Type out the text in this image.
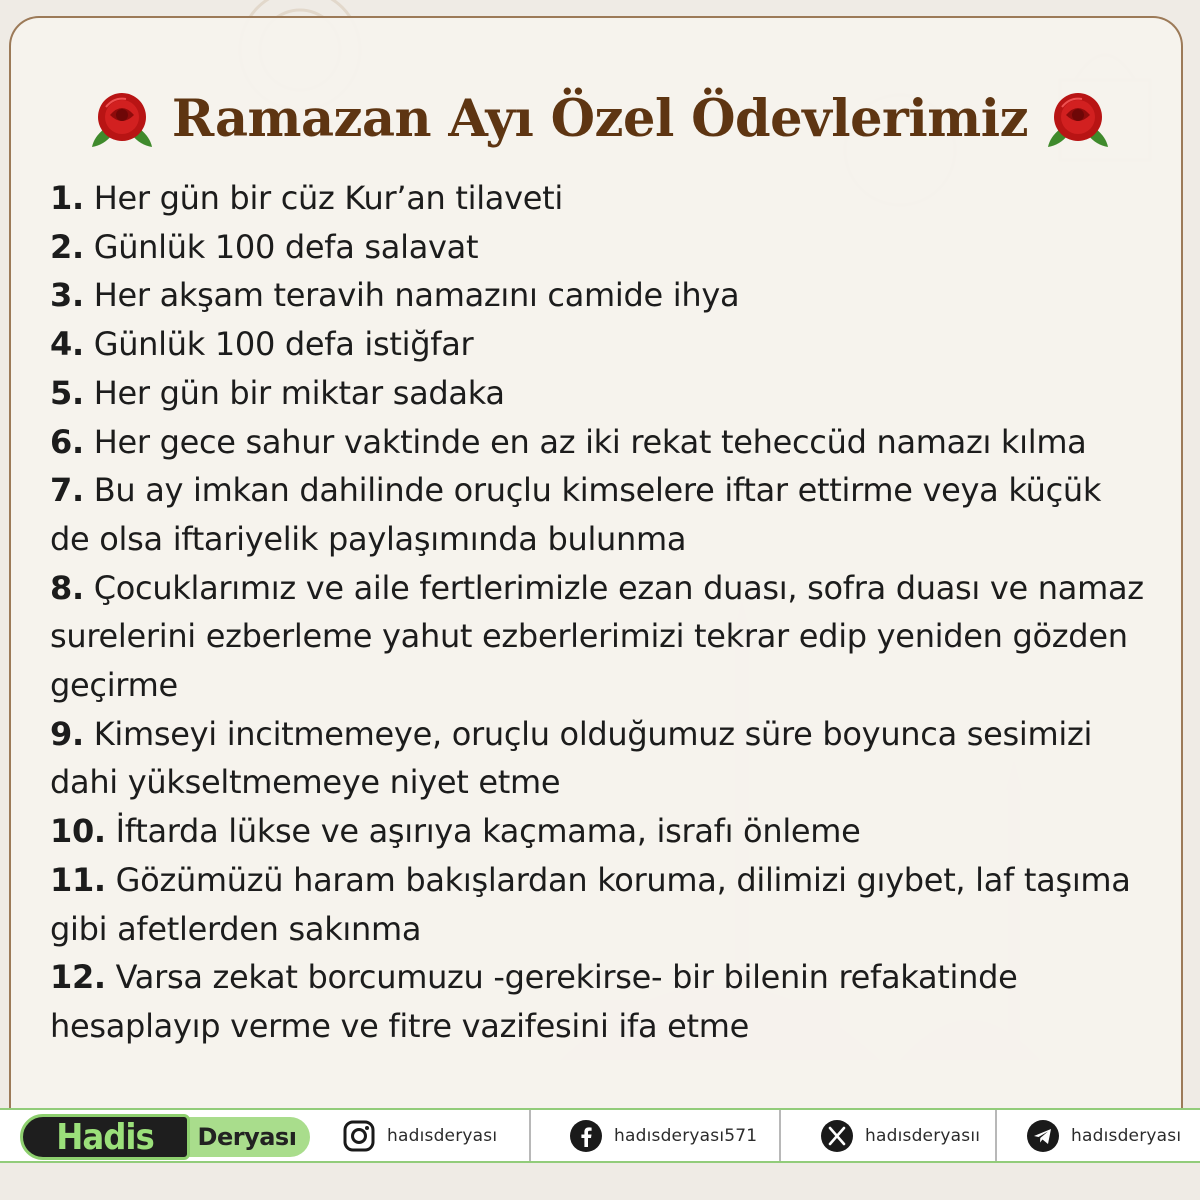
Ramazan Ayı Özel Ödevlerimiz
1. Her gün bir cüz Kur’an tilaveti
2. Günlük 100 defa salavat
3. Her akşam teravih namazını camide ihya
4. Günlük 100 defa istiğfar
5. Her gün bir miktar sadaka
6. Her gece sahur vaktinde en az iki rekat teheccüd namazı kılma
7. Bu ay imkan dahilinde oruçlu kimselere iftar ettirme veya küçük de olsa iftariyelik paylaşımında bulunma
8. Çocuklarımız ve aile fertlerimizle ezan duası, sofra duası ve namaz surelerini ezberleme yahut ezberlerimizi tekrar edip yeniden gözden geçirme
9. Kimseyi incitmemeye, oruçlu olduğumuz süre boyunca sesimizi dahi yükseltmemeye niyet etme
10. İftarda lükse ve aşırıya kaçmama, israfı önleme
11. Gözümüzü haram bakışlardan koruma, dilimizi gıybet, laf taşıma gibi afetlerden sakınma
12. Varsa zekat borcumuzu -gerekirse- bir bilenin refakatinde hesaplayıp verme ve fitre vazifesini ifa etme
Deryası
Hadis	hadısderyası	hadısderyası571	hadısderyasıı	hadısderyası
